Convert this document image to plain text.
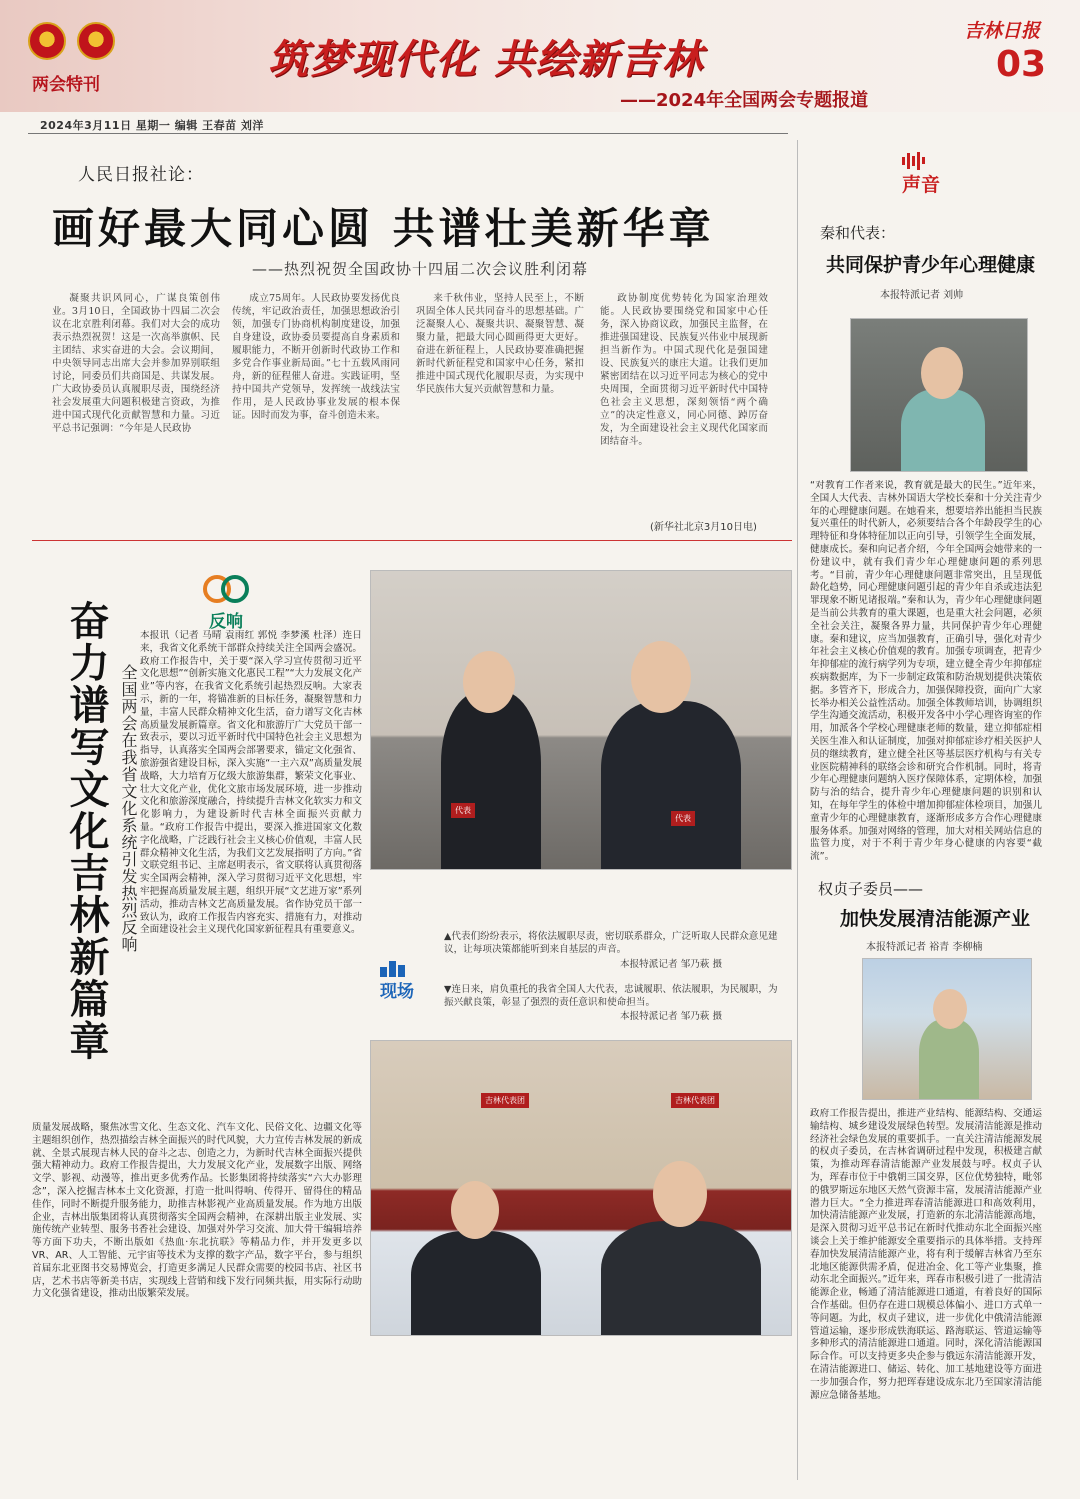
两会特刊
筑梦现代化 共绘新吉林
吉林日报
03
——2024年全国两会专题报道
2024年3月11日 星期一 编辑 王春苗 刘洋
人民日报社论：
画好最大同心圆 共谱壮美新华章
——热烈祝贺全国政协十四届二次会议胜利闭幕
凝聚共识风同心，广谋良策创伟业。3月10日，全国政协十四届二次会议在北京胜利闭幕。我们对大会的成功表示热烈祝贺！这是一次高举旗帜、民主团结、求实奋进的大会。会议期间，中央领导同志出席大会并参加界别联组讨论，同委员们共商国是、共谋发展。广大政协委员认真履职尽责，围绕经济社会发展重大问题积极建言资政，为推进中国式现代化贡献智慧和力量。习近平总书记强调：“今年是人民政协
成立75周年。人民政协要发扬优良传统，牢记政治责任，加强思想政治引领，加强专门协商机构制度建设，加强自身建设，政协委员要提高自身素质和履职能力，不断开创新时代政协工作和多党合作事业新局面。”七十五载风雨同舟，新的征程催人奋进。实践证明，坚持中国共产党领导，发挥统一战线法宝作用，是人民政协事业发展的根本保证。因时而发为事，奋斗创造未来。
来千秋伟业，坚持人民至上，不断巩固全体人民共同奋斗的思想基础。广泛凝聚人心、凝聚共识、凝聚智慧、凝聚力量，把最大同心圆画得更大更好。奋进在新征程上，人民政协要准确把握新时代新征程党和国家中心任务，紧扣推进中国式现代化履职尽责，为实现中华民族伟大复兴贡献智慧和力量。
政协制度优势转化为国家治理效能。人民政协要围绕党和国家中心任务，深入协商议政，加强民主监督，在推进强国建设、民族复兴伟业中展现新担当新作为。中国式现代化是强国建设、民族复兴的康庄大道。让我们更加紧密团结在以习近平同志为核心的党中央周围，全面贯彻习近平新时代中国特色社会主义思想，深刻领悟“两个确立”的决定性意义，同心同德、踔厉奋发，为全面建设社会主义现代化国家而团结奋斗。
(新华社北京3月10日电)
反响
奋力谱写文化吉林新篇章 全国两会在我省文化系统引发热烈反响
本报讯（记者 马晴 袁雨红 郭悦 李梦溪 杜泽）连日来，我省文化系统干部群众持续关注全国两会盛况。政府工作报告中，关于要“深入学习宣传贯彻习近平文化思想”“创新实施文化惠民工程”“大力发展文化产业”等内容，在我省文化系统引起热烈反响。大家表示，新的一年，将锚准新的目标任务，凝聚智慧和力量，丰富人民群众精神文化生活，奋力谱写文化吉林高质量发展新篇章。省文化和旅游厅广大党员干部一致表示，要以习近平新时代中国特色社会主义思想为指导，认真落实全国两会部署要求，锚定文化强省、旅游强省建设目标，深入实施“一主六双”高质量发展战略，大力培育万亿级大旅游集群，繁荣文化事业、壮大文化产业，优化文旅市场发展环境，进一步推动文化和旅游深度融合，持续提升吉林文化软实力和文化影响力，为建设新时代吉林全面振兴贡献力量。“政府工作报告中提出，要深入推进国家文化数字化战略，广泛践行社会主义核心价值观，丰富人民群众精神文化生活，为我们文艺发展指明了方向。”省文联党组书记、主席赵明表示，省文联将认真贯彻落实全国两会精神，深入学习贯彻习近平文化思想，牢牢把握高质量发展主题，组织开展“文艺进万家”系列活动，推动吉林文艺高质量发展。省作协党员干部一致认为，政府工作报告内容充实、措施有力，对推动全面建设社会主义现代化国家新征程具有重要意义。
质量发展战略，聚焦冰雪文化、生态文化、汽车文化、民俗文化、边疆文化等主题组织创作，热烈描绘吉林全面振兴的时代风貌，大力宣传吉林发展的新成就、全景式展现吉林人民的奋斗之志、创造之力，为新时代吉林全面振兴提供强大精神动力。政府工作报告提出，大力发展文化产业，发展数字出版、网络文学、影视、动漫等，推出更多优秀作品。长影集团将持续落实“六大办影理念”，深入挖掘吉林本土文化资源，打造一批叫得响、传得开、留得住的精品佳作，同时不断提升服务能力，助推吉林影视产业高质量发展。作为地方出版企业，吉林出版集团将认真贯彻落实全国两会精神，在深耕出版主业发展、实施传统产业转型、服务书香社会建设、加强对外学习交流、加大骨干编辑培养等方面下功夫，不断出版如《热血·东北抗联》等精品力作，并开发更多以VR、AR、人工智能、元宇宙等技术为支撑的数字产品，数字平台，参与组织首届东北亚图书交易博览会，打造更多满足人民群众需要的校园书店、社区书店，艺术书店等新美书店，实现线上营销和线下发行同频共振，用实际行动助力文化强省建设，推动出版繁荣发展。
代表
代表
▲代表们纷纷表示，将依法履职尽责，密切联系群众，广泛听取人民群众意见建议，让每项决策都能听到来自基层的声音。
本报特派记者 邹乃萩 摄
▼连日来，肩负重托的我省全国人大代表，忠诚履职、依法履职，为民履职，为振兴献良策，彰显了强烈的责任意识和使命担当。
本报特派记者 邹乃萩 摄

现场
吉林代表团	吉林代表团

声音
秦和代表：
共同保护青少年心理健康
本报特派记者 刘帅
“对教育工作者来说，教育就是最大的民生。”近年来，全国人大代表、吉林外国语大学校长秦和十分关注青少年的心理健康问题。在她看来，想要培养出能担当民族复兴重任的时代新人，必须要结合各个年龄段学生的心理特征和身体特征加以正向引导，引领学生全面发展，健康成长。秦和向记者介绍，今年全国两会她带来的一份建议中，就有我们青少年心理健康问题的系列思考。“目前，青少年心理健康问题非常突出，且呈现低龄化趋势，同心理健康问题引起的青少年自杀或违法犯罪现象不断见诸报端。”秦和认为，青少年心理健康问题是当前公共教育的重大课题，也是重大社会问题，必须全社会关注，凝聚各界力量，共同保护青少年心理健康。秦和建议，应当加强教育，正确引导，强化对青少年社会主义核心价值观的教育。加强专项调查，把青少年抑郁症的流行病学列为专项，建立健全青少年抑郁症疾病数据库，为下一步制定政策和防治规划提供决策依据。多管齐下，形成合力，加强保障投资，面向广大家长举办相关公益性活动。加强全体教师培训，协调组织学生沟通交流活动，积极开发各中小学心理咨询室的作用，加派各个学校心理健康老师的数量，建立抑郁症相关医生准入和认证制度，加强对抑郁症诊疗相关医护人员的继续教育，建立健全社区等基层医疗机构与有关专业医院精神科的联络会诊和研究合作机制。同时，将青少年心理健康问题纳入医疗保障体系，定期体检，加强防与治的结合，提升青少年心理健康问题的识别和认知，在每年学生的体检中增加抑郁症体检项目，加强儿童青少年的心理健康教育，逐渐形成多方合作心理健康服务体系。加强对网络的管理，加大对相关网站信息的监管力度，对于不利于青少年身心健康的内容要“截流”。
权贞子委员——
加快发展清洁能源产业
本报特派记者 裕青 李柳楠
政府工作报告提出，推进产业结构、能源结构、交通运输结构、城乡建设发展绿色转型。发展清洁能源是推动经济社会绿色发展的重要抓手。一直关注清洁能源发展的权贞子委员，在吉林省调研过程中发现，积极建言献策，为推动珲春清洁能源产业发展鼓与呼。权贞子认为，珲春市位于中俄朝三国交界，区位优势独特，毗邻的俄罗斯远东地区天然气资源丰富，发展清洁能源产业潜力巨大。“全力推进珲春清洁能源进口和高效利用，加快清洁能源产业发展，打造新的东北清洁能源高地，是深入贯彻习近平总书记在新时代推动东北全面振兴座谈会上关于维护能源安全重要指示的具体举措。支持珲春加快发展清洁能源产业，将有利于缓解吉林省乃至东北地区能源供需矛盾，促进冶金、化工等产业集聚，推动东北全面振兴。”近年来，珲春市积极引进了一批清洁能源企业，畅通了清洁能源进口通道，有着良好的国际合作基础。但仍存在进口规模总体偏小、进口方式单一等问题。为此，权贞子建议，进一步优化中俄清洁能源管道运输，逐步形成铁海联运、路海联运、管道运输等多种形式的清洁能源进口通道。同时，深化清洁能源国际合作。可以支持更多央企参与俄远东清洁能源开发，在清洁能源进口、储运、转化、加工基地建设等方面进一步加强合作，努力把珲春建设成东北乃至国家清洁能源应急储备基地。
